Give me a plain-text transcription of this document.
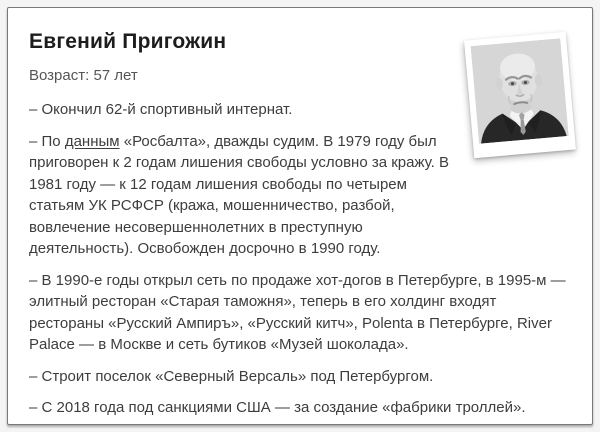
Евгений Пригожин

Возраст: 57 лет

– Окончил 62-й спортивный интернат.

– По данным «Росбалта», дважды судим. В 1979 году был приговорен к 2 годам лишения свободы условно за кражу. В 1981 году — к 12 годам лишения свободы по четырем статьям УК РСФСР (кража, мошенничество, разбой, вовлечение несовершеннолетних в преступную деятельность). Освобожден досрочно в 1990 году.

– В 1990-е годы открыл сеть по продаже хот-догов в Петербурге, в 1995-м — элитный ресторан «Старая таможня», теперь в его холдинг входят рестораны «Русский Ампиръ», «Русский китч», Polenta в Петербурге, River Palace — в Москве и сеть бутиков «Музей шоколада».

– Строит поселок «Северный Версаль» под Петербургом.

– С 2018 года под санкциями США — за создание «фабрики троллей».
